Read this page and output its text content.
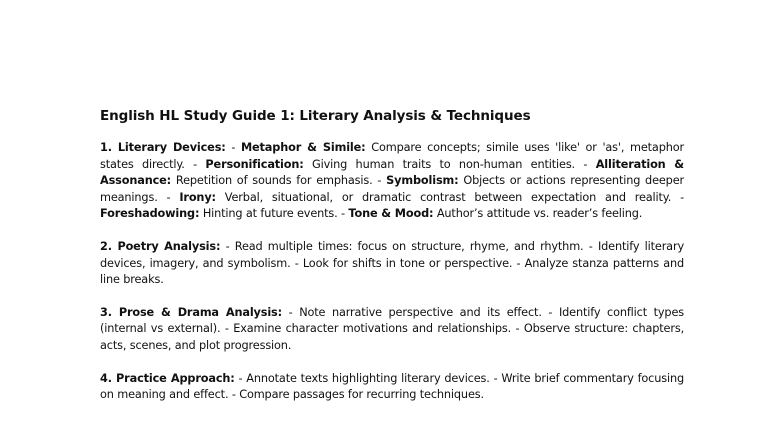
English HL Study Guide 1: Literary Analysis & Techniques

1. Literary Devices: - Metaphor & Simile: Compare concepts; simile uses 'like' or 'as', metaphor states directly. - Personification: Giving human traits to non-human entities. - Alliteration & Assonance: Repetition of sounds for emphasis. - Symbolism: Objects or actions representing deeper meanings. - Irony: Verbal, situational, or dramatic contrast between expectation and reality. - Foreshadowing: Hinting at future events. - Tone & Mood: Author’s attitude vs. reader’s feeling.

2. Poetry Analysis: - Read multiple times: focus on structure, rhyme, and rhythm. - Identify literary devices, imagery, and symbolism. - Look for shifts in tone or perspective. - Analyze stanza patterns and line breaks.

3. Prose & Drama Analysis: - Note narrative perspective and its effect. - Identify conflict types (internal vs external). - Examine character motivations and relationships. - Observe structure: chapters, acts, scenes, and plot progression.

4. Practice Approach: - Annotate texts highlighting literary devices. - Write brief commentary focusing on meaning and effect. - Compare passages for recurring techniques.
